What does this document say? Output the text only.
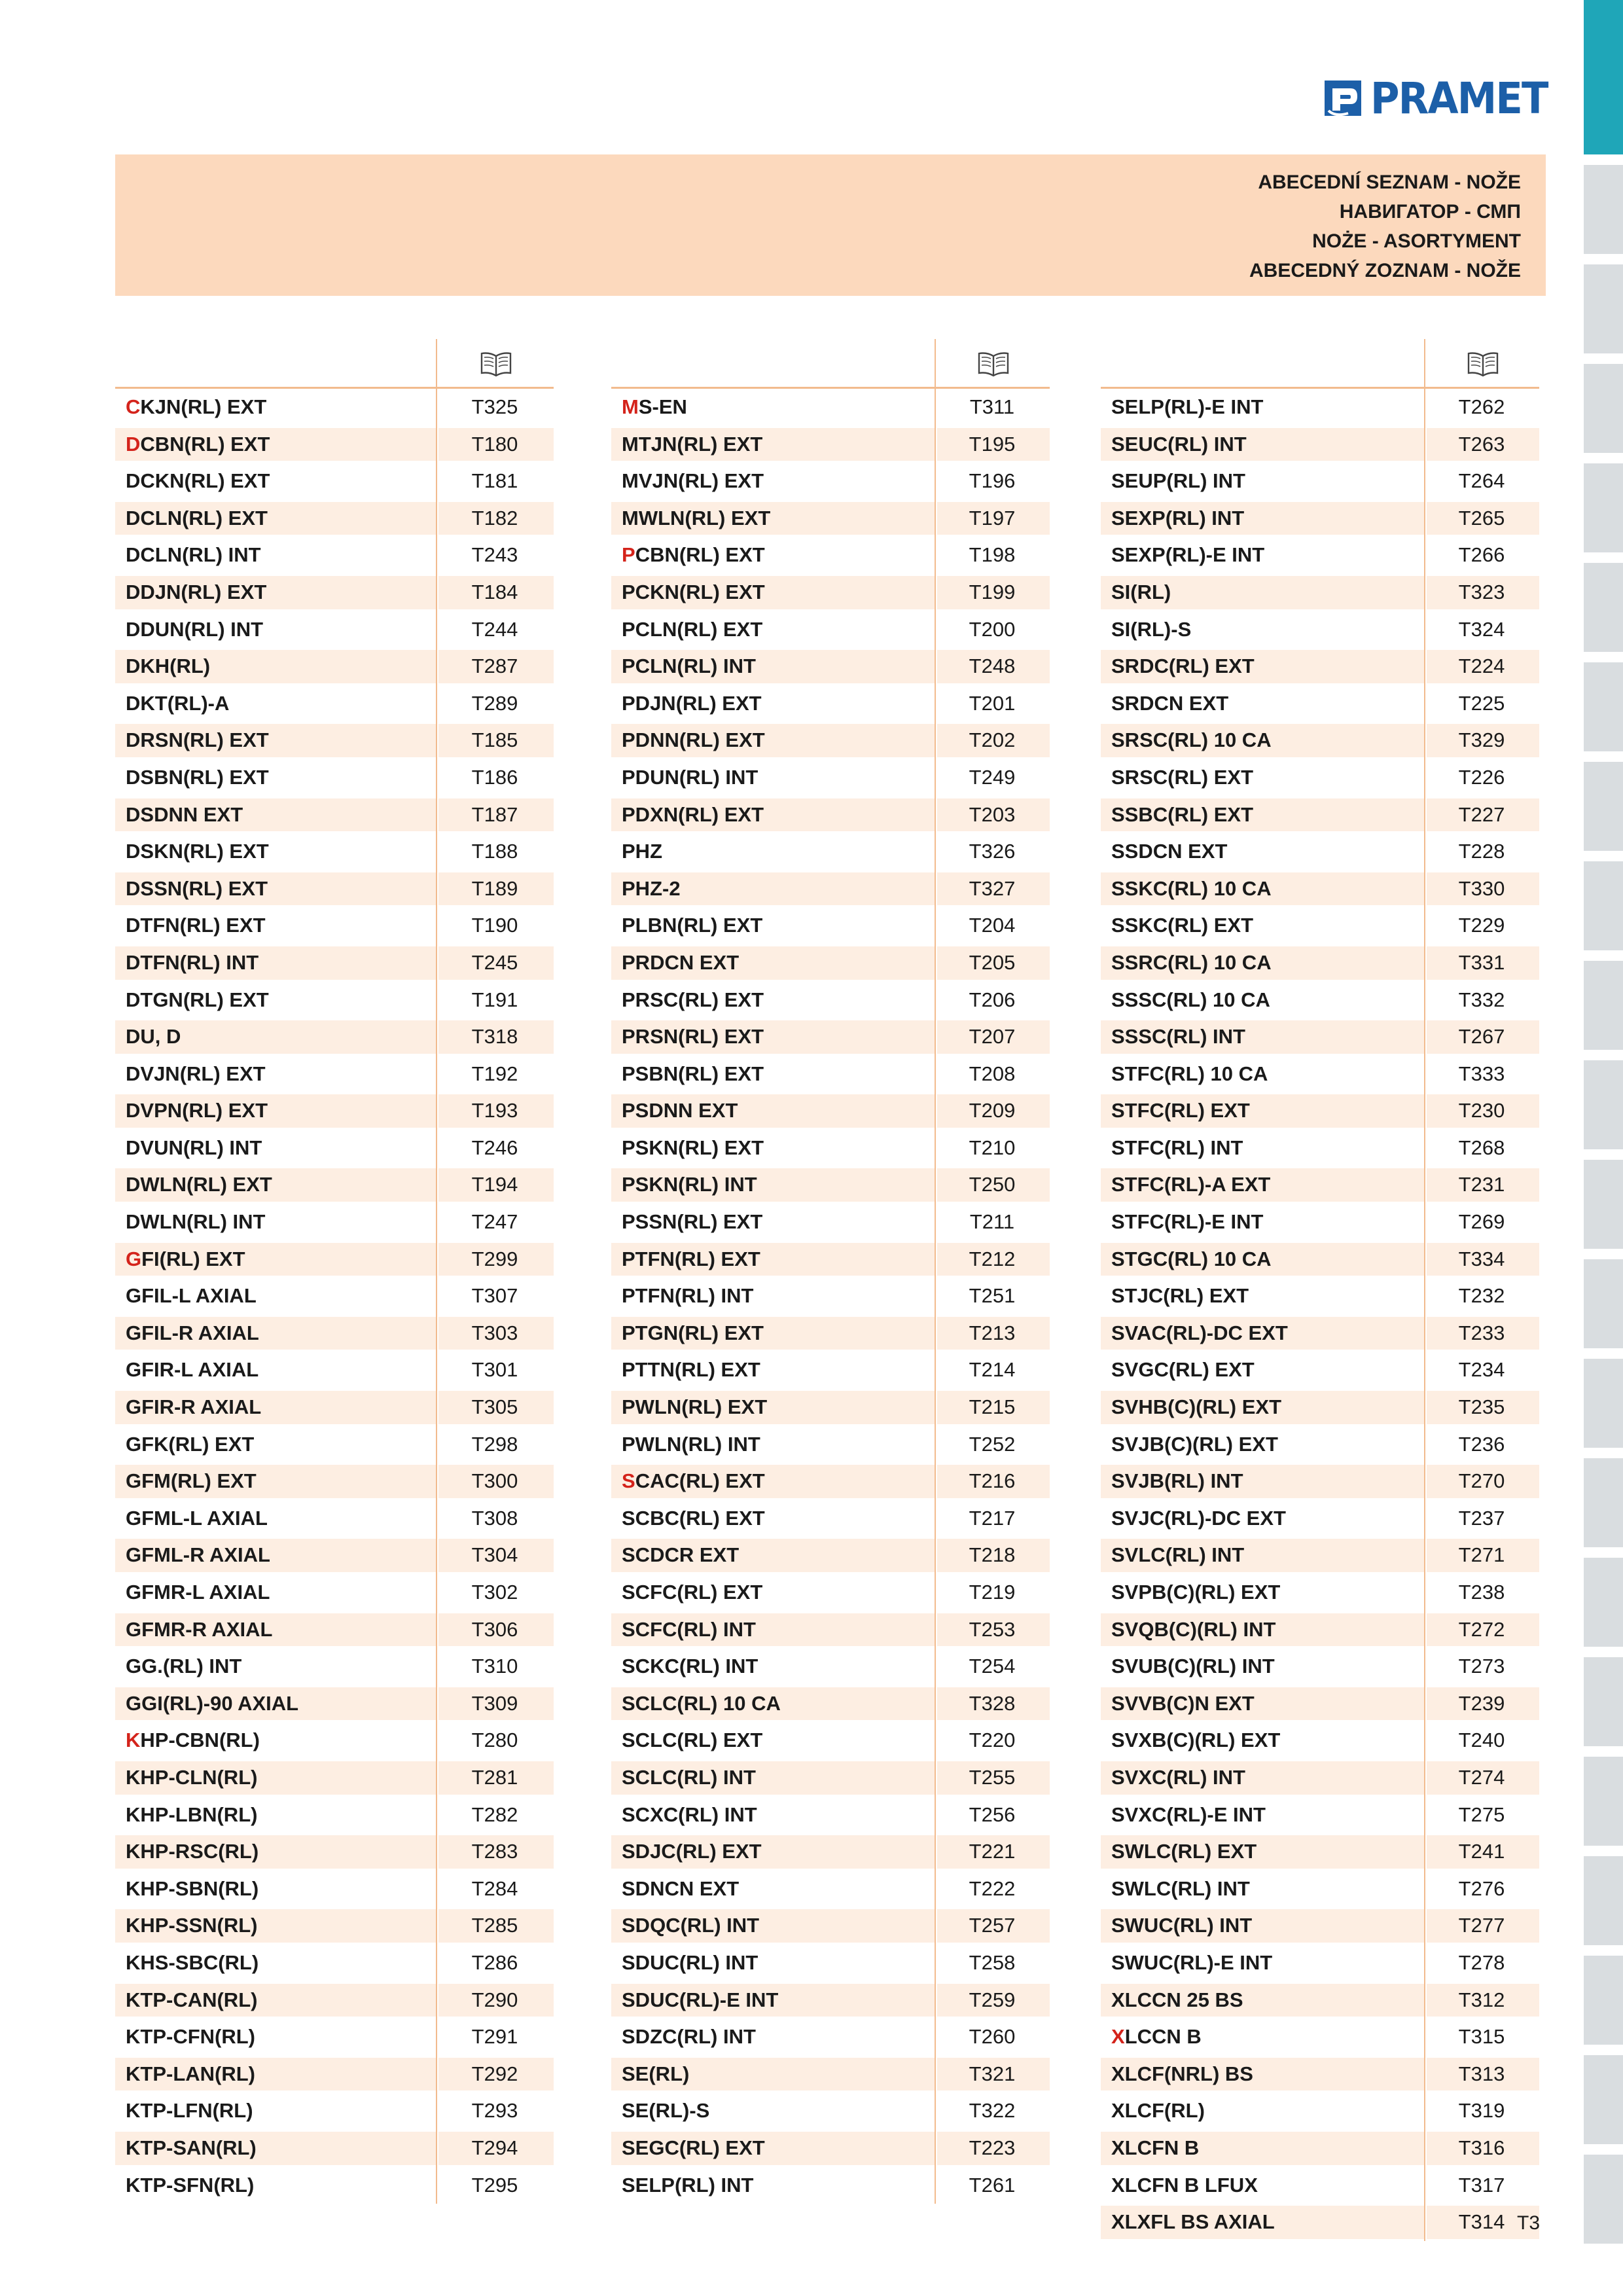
PRAMET
ABECEDNÍ SEZNAM - NOŽE
НАВИГАТОР - СМП
NOŻE - ASORTYMENT
ABECEDNÝ ZOZNAM - NOŽE
CKJN(RL) EXT	T325
DCBN(RL) EXT	T180
DCKN(RL) EXT	T181
DCLN(RL) EXT	T182
DCLN(RL) INT	T243
DDJN(RL) EXT	T184
DDUN(RL) INT	T244
DKH(RL)	T287
DKT(RL)-A	T289
DRSN(RL) EXT	T185
DSBN(RL) EXT	T186
DSDNN EXT	T187
DSKN(RL) EXT	T188
DSSN(RL) EXT	T189
DTFN(RL) EXT	T190
DTFN(RL) INT	T245
DTGN(RL) EXT	T191
DU, D	T318
DVJN(RL) EXT	T192
DVPN(RL) EXT	T193
DVUN(RL) INT	T246
DWLN(RL) EXT	T194
DWLN(RL) INT	T247
GFI(RL) EXT	T299
GFIL-L AXIAL	T307
GFIL-R AXIAL	T303
GFIR-L AXIAL	T301
GFIR-R AXIAL	T305
GFK(RL) EXT	T298
GFM(RL) EXT	T300
GFML-L AXIAL	T308
GFML-R AXIAL	T304
GFMR-L AXIAL	T302
GFMR-R AXIAL	T306
GG.(RL) INT	T310
GGI(RL)-90 AXIAL	T309
KHP-CBN(RL)	T280
KHP-CLN(RL)	T281
KHP-LBN(RL)	T282
KHP-RSC(RL)	T283
KHP-SBN(RL)	T284
KHP-SSN(RL)	T285
KHS-SBC(RL)	T286
KTP-CAN(RL)	T290
KTP-CFN(RL)	T291
KTP-LAN(RL)	T292
KTP-LFN(RL)	T293
KTP-SAN(RL)	T294
KTP-SFN(RL)	T295
MS-EN	T311
MTJN(RL) EXT	T195
MVJN(RL) EXT	T196
MWLN(RL) EXT	T197
PCBN(RL) EXT	T198
PCKN(RL) EXT	T199
PCLN(RL) EXT	T200
PCLN(RL) INT	T248
PDJN(RL) EXT	T201
PDNN(RL) EXT	T202
PDUN(RL) INT	T249
PDXN(RL) EXT	T203
PHZ	T326
PHZ-2	T327
PLBN(RL) EXT	T204
PRDCN EXT	T205
PRSC(RL) EXT	T206
PRSN(RL) EXT	T207
PSBN(RL) EXT	T208
PSDNN EXT	T209
PSKN(RL) EXT	T210
PSKN(RL) INT	T250
PSSN(RL) EXT	T211
PTFN(RL) EXT	T212
PTFN(RL) INT	T251
PTGN(RL) EXT	T213
PTTN(RL) EXT	T214
PWLN(RL) EXT	T215
PWLN(RL) INT	T252
SCAC(RL) EXT	T216
SCBC(RL) EXT	T217
SCDCR EXT	T218
SCFC(RL) EXT	T219
SCFC(RL) INT	T253
SCKC(RL) INT	T254
SCLC(RL) 10 CA	T328
SCLC(RL) EXT	T220
SCLC(RL) INT	T255
SCXC(RL) INT	T256
SDJC(RL) EXT	T221
SDNCN EXT	T222
SDQC(RL) INT	T257
SDUC(RL) INT	T258
SDUC(RL)-E INT	T259
SDZC(RL) INT	T260
SE(RL)	T321
SE(RL)-S	T322
SEGC(RL) EXT	T223
SELP(RL) INT	T261
SELP(RL)-E INT	T262
SEUC(RL) INT	T263
SEUP(RL) INT	T264
SEXP(RL) INT	T265
SEXP(RL)-E INT	T266
SI(RL)	T323
SI(RL)-S	T324
SRDC(RL) EXT	T224
SRDCN EXT	T225
SRSC(RL) 10 CA	T329
SRSC(RL) EXT	T226
SSBC(RL) EXT	T227
SSDCN EXT	T228
SSKC(RL) 10 CA	T330
SSKC(RL) EXT	T229
SSRC(RL) 10 CA	T331
SSSC(RL) 10 CA	T332
SSSC(RL) INT	T267
STFC(RL) 10 CA	T333
STFC(RL) EXT	T230
STFC(RL) INT	T268
STFC(RL)-A EXT	T231
STFC(RL)-E INT	T269
STGC(RL) 10 CA	T334
STJC(RL) EXT	T232
SVAC(RL)-DC EXT	T233
SVGC(RL) EXT	T234
SVHB(C)(RL) EXT	T235
SVJB(C)(RL) EXT	T236
SVJB(RL) INT	T270
SVJC(RL)-DC EXT	T237
SVLC(RL) INT	T271
SVPB(C)(RL) EXT	T238
SVQB(C)(RL) INT	T272
SVUB(C)(RL) INT	T273
SVVB(C)N EXT	T239
SVXB(C)(RL) EXT	T240
SVXC(RL) INT	T274
SVXC(RL)-E INT	T275
SWLC(RL) EXT	T241
SWLC(RL) INT	T276
SWUC(RL) INT	T277
SWUC(RL)-E INT	T278
XLCCN 25 BS	T312
XLCCN B	T315
XLCF(NRL) BS	T313
XLCF(RL)	T319
XLCFN B	T316
XLCFN B LFUX	T317
XLXFL BS AXIAL	T314 T3
